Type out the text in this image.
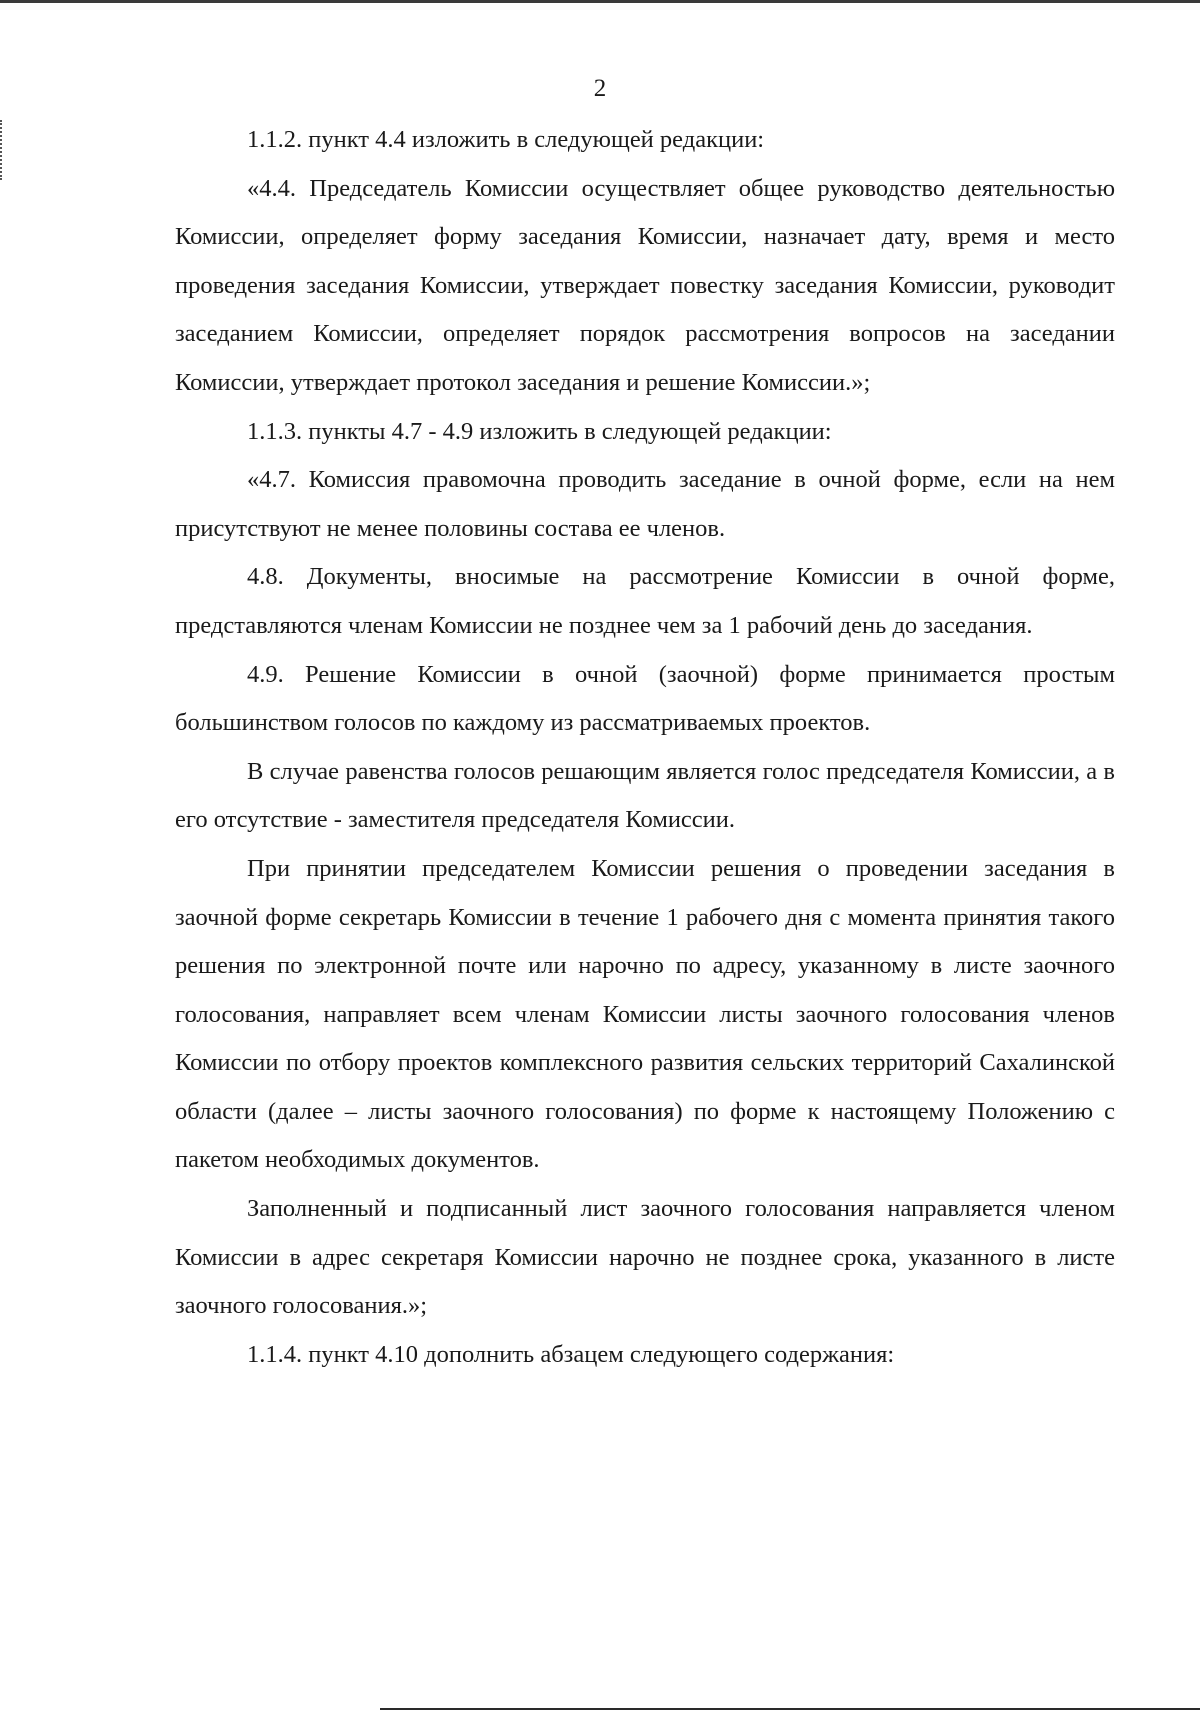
2

1.1.2. пункт 4.4 изложить в следующей редакции:

«4.4. Председатель Комиссии осуществляет общее руководство деятельностью Комиссии, определяет форму заседания Комиссии, назначает дату, время и место проведения заседания Комиссии, утверждает повестку заседания Комиссии, руководит заседанием Комиссии, определяет порядок рассмотрения вопросов на заседании Комиссии, утверждает протокол заседания и решение Комиссии.»;

1.1.3. пункты 4.7 - 4.9 изложить в следующей редакции:

«4.7. Комиссия правомочна проводить заседание в очной форме, если на нем присутствуют не менее половины состава ее членов.

4.8. Документы, вносимые на рассмотрение Комиссии в очной форме, представляются членам Комиссии не позднее чем за 1 рабочий день до заседания.

4.9. Решение Комиссии в очной (заочной) форме принимается простым большинством голосов по каждому из рассматриваемых проектов.

В случае равенства голосов решающим является голос председателя Комиссии, а в его отсутствие - заместителя председателя Комиссии.

При принятии председателем Комиссии решения о проведении заседания в заочной форме секретарь Комиссии в течение 1 рабочего дня с момента принятия такого решения по электронной почте или нарочно по адресу, указанному в листе заочного голосования, направляет всем членам Комиссии листы заочного голосования членов Комиссии по отбору проектов комплексного развития сельских территорий Сахалинской области (далее – листы заочного голосования) по форме к настоящему Положению с пакетом необходимых документов.

Заполненный и подписанный лист заочного голосования направляется членом Комиссии в адрес секретаря Комиссии нарочно не позднее срока, указанного в листе заочного голосования.»;

1.1.4. пункт 4.10 дополнить абзацем следующего содержания:
